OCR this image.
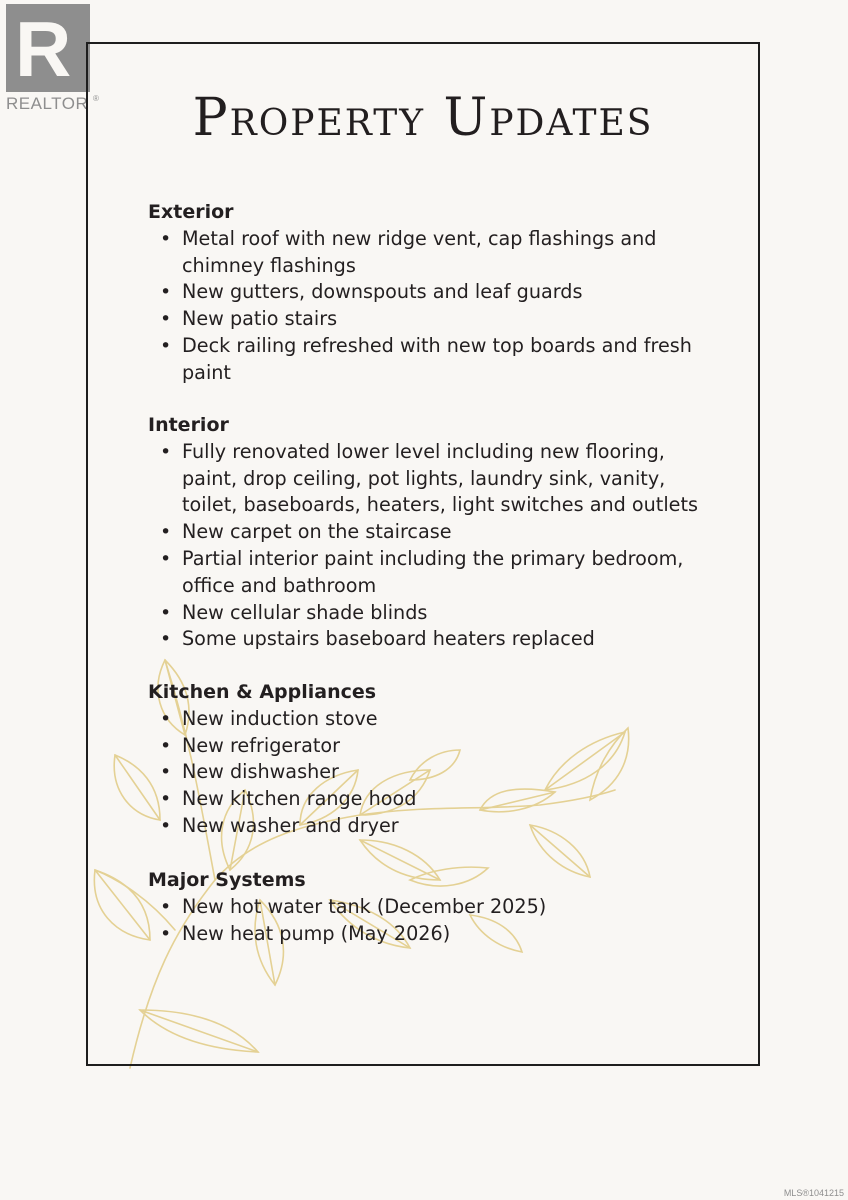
R
REALTOR ®	Property Updates
Exterior
• Metal roof with new ridge vent, cap flashings and chimney flashings
• New gutters, downspouts and leaf guards
• New patio stairs
• Deck railing refreshed with new top boards and fresh paint
Interior
• Fully renovated lower level including new flooring, paint, drop ceiling, pot lights, laundry sink, vanity, toilet, baseboards, heaters, light switches and outlets
• New carpet on the staircase
• Partial interior paint including the primary bedroom, office and bathroom
• New cellular shade blinds
• Some upstairs baseboard heaters replaced
Kitchen & Appliances
• New induction stove
• New refrigerator
• New dishwasher
• New kitchen range hood
• New washer and dryer
Major Systems
• New hot water tank (December 2025)
• New heat pump (May 2026)
MLS®1041215
